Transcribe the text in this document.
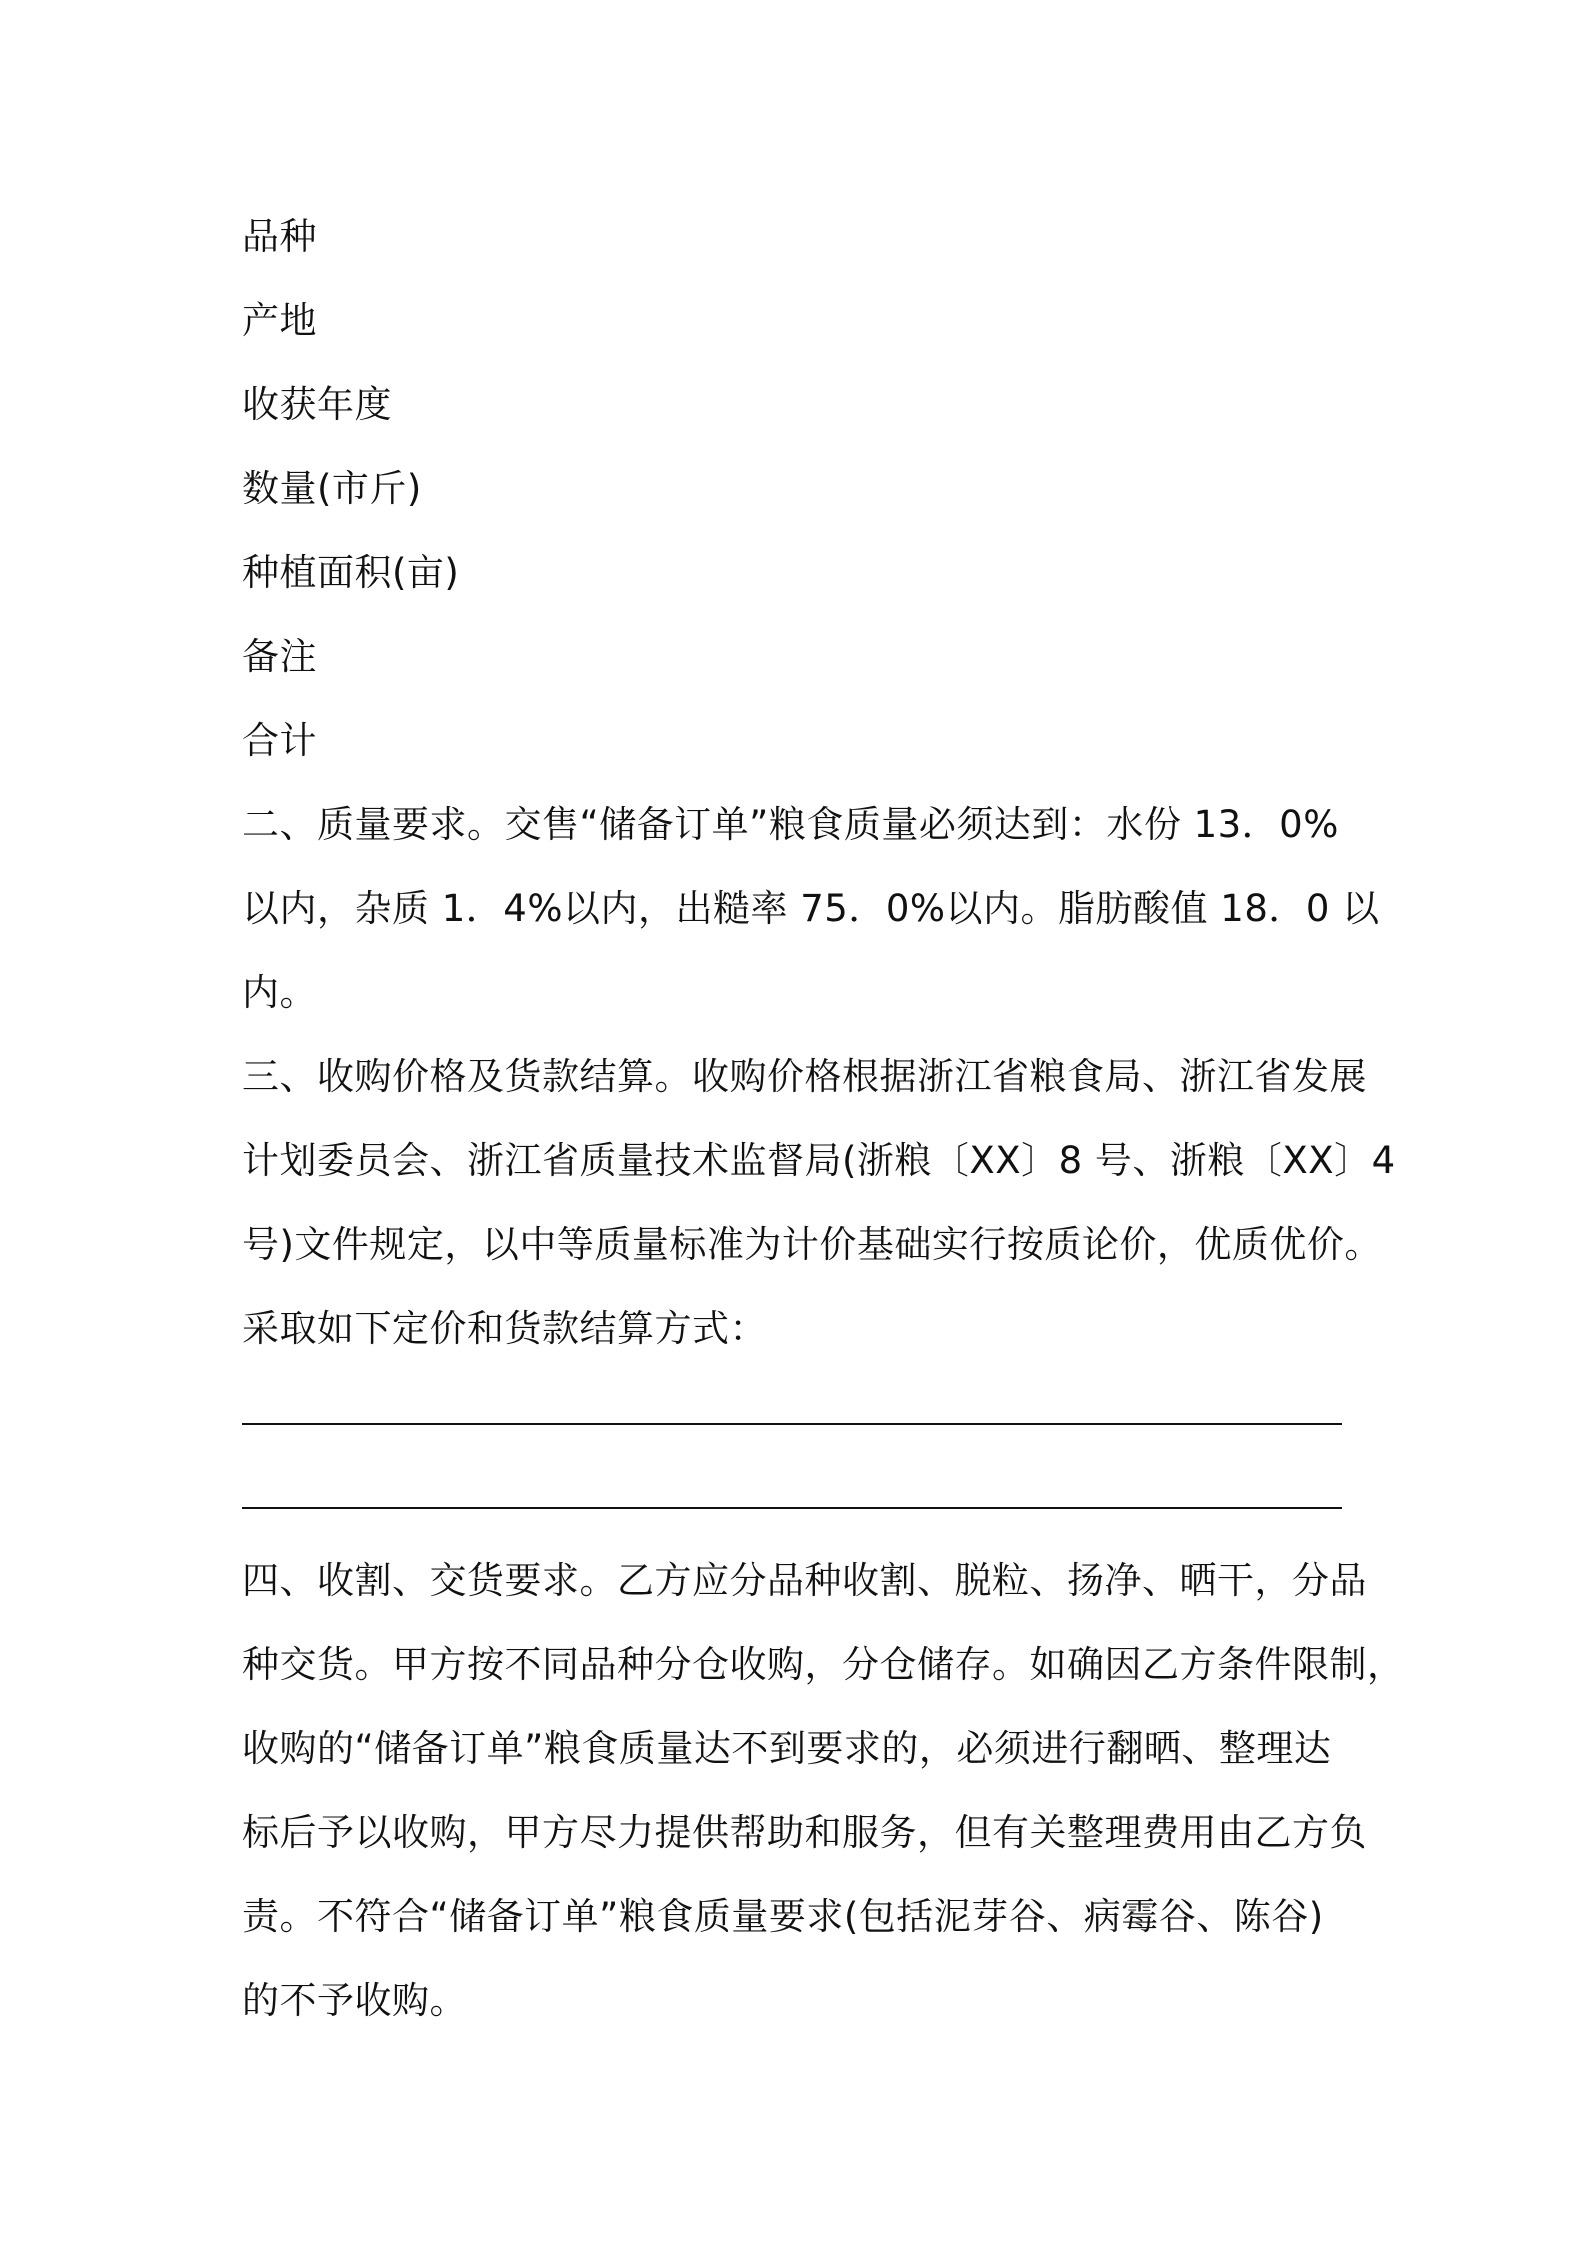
品种
产地
收获年度
数量(市斤)
种植面积(亩)
备注
合计
二、质量要求。交售“储备订单”粮食质量必须达到：水份 13．0%
以内，杂质 1．4%以内，出糙率 75．0%以内。脂肪酸值 18．0 以
内。
三、收购价格及货款结算。收购价格根据浙江省粮食局、浙江省发展
计划委员会、浙江省质量技术监督局(浙粮〔XX〕8 号、浙粮〔XX〕4
号)文件规定，以中等质量标准为计价基础实行按质论价，优质优价。
采取如下定价和货款结算方式：
四、收割、交货要求。乙方应分品种收割、脱粒、扬净、晒干，分品
种交货。甲方按不同品种分仓收购，分仓储存。如确因乙方条件限制，
收购的“储备订单”粮食质量达不到要求的，必须进行翻晒、整理达
标后予以收购，甲方尽力提供帮助和服务，但有关整理费用由乙方负
责。不符合“储备订单”粮食质量要求(包括泥芽谷、病霉谷、陈谷)
的不予收购。
